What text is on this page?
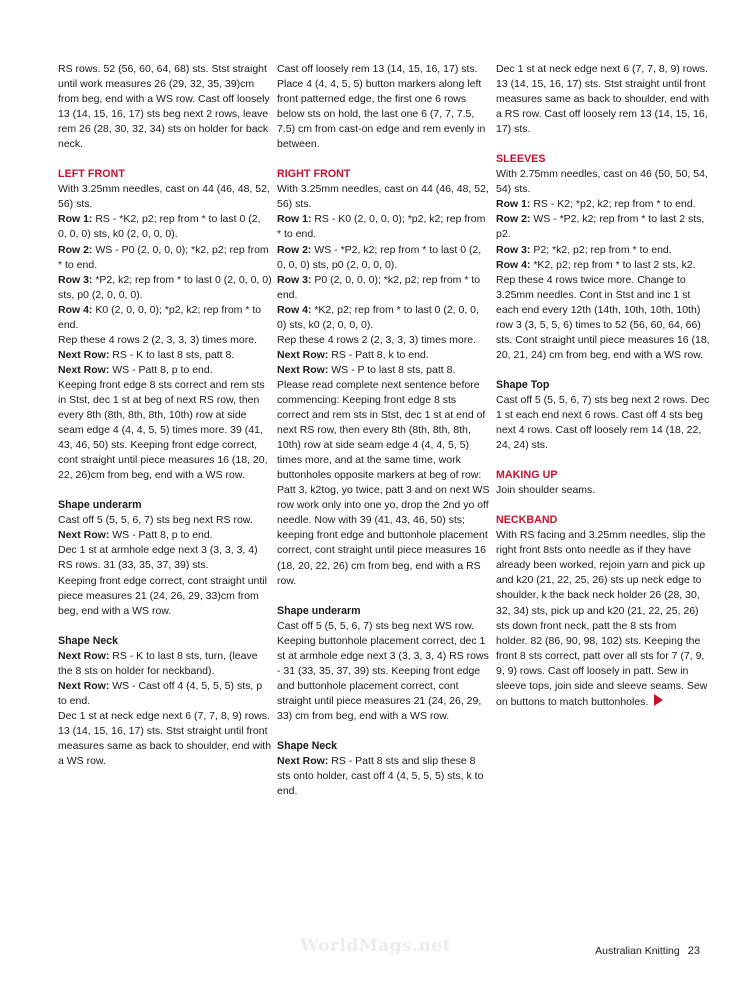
RS rows. 52 (56, 60, 64, 68) sts. Stst straight until work measures 26 (29, 32, 35, 39)cm from beg, end with a WS row. Cast off loosely 13 (14, 15, 16, 17) sts beg next 2 rows, leave rem 26 (28, 30, 32, 34) sts on holder for back neck.

LEFT FRONT
With 3.25mm needles, cast on 44 (46, 48, 52, 56) sts.
Row 1: RS - *K2, p2; rep from * to last 0 (2, 0, 0, 0) sts, k0 (2, 0, 0, 0).
Row 2: WS - P0 (2, 0, 0, 0); *k2, p2; rep from * to end.
Row 3: *P2, k2; rep from * to last 0 (2, 0, 0, 0) sts, p0 (2, 0, 0, 0).
Row 4: K0 (2, 0, 0, 0); *p2, k2; rep from * to end.
Rep these 4 rows 2 (2, 3, 3, 3) times more.
Next Row: RS - K to last 8 sts, patt 8.
Next Row: WS - Patt 8, p to end.
Keeping front edge 8 sts correct and rem sts in Stst, dec 1 st at beg of next RS row, then every 8th (8th, 8th, 8th, 10th) row at side seam edge 4 (4, 4, 5, 5) times more. 39 (41, 43, 46, 50) sts. Keeping front edge correct, cont straight until piece measures 16 (18, 20, 22, 26)cm from beg, end with a WS row.
Shape underarm
Cast off 5 (5, 5, 6, 7) sts beg next RS row.
Next Row: WS - Patt 8, p to end.
Dec 1 st at armhole edge next 3 (3, 3, 3, 4) RS rows. 31 (33, 35, 37, 39) sts.
Keeping front edge correct, cont straight until piece measures 21 (24, 26, 29, 33)cm from beg, end with a WS row.
Shape Neck
Next Row: RS - K to last 8 sts, turn, (leave the 8 sts on holder for neckband).
Next Row: WS - Cast off 4 (4, 5, 5, 5) sts, p to end.
Dec 1 st at neck edge next 6 (7, 7, 8, 9) rows. 13 (14, 15, 16, 17) sts. Stst straight until front measures same as back to shoulder, end with a WS row.
Cast off loosely rem 13 (14, 15, 16, 17) sts.

Place 4 (4, 4, 5, 5) button markers along left front patterned edge, the first one 6 rows below sts on hold, the last one 6 (7, 7, 7.5, 7.5) cm from cast-on edge and rem evenly in between.

RIGHT FRONT
With 3.25mm needles, cast on 44 (46, 48, 52, 56) sts.
Row 1: RS - K0 (2, 0, 0, 0); *p2, k2; rep from * to end.
Row 2: WS - *P2, k2; rep from * to last 0 (2, 0, 0, 0) sts, p0 (2, 0, 0, 0).
Row 3: P0 (2, 0, 0, 0); *k2, p2; rep from * to end.
Row 4: *K2, p2; rep from * to last 0 (2, 0, 0, 0) sts, k0 (2, 0, 0, 0).
Rep these 4 rows 2 (2, 3, 3, 3) times more.
Next Row: RS - Patt 8, k to end.
Next Row: WS - P to last 8 sts, patt 8.
Please read complete next sentence before commencing: Keeping front edge 8 sts correct and rem sts in Stst, dec 1 st at end of next RS row, then every 8th (8th, 8th, 8th, 10th) row at side seam edge 4 (4, 4, 5, 5) times more, and at the same time, work buttonholes opposite markers at beg of row: Patt 3, k2tog, yo twice, patt 3 and on next WS row work only into one yo, drop the 2nd yo off needle. Now with 39 (41, 43, 46, 50) sts; keeping front edge and buttonhole placement correct, cont straight until piece measures 16 (18, 20, 22, 26) cm from beg, end with a RS row.
Shape underarm
Cast off 5 (5, 5, 6, 7) sts beg next WS row.
Keeping buttonhole placement correct, dec 1 st at armhole edge next 3 (3, 3, 3, 4) RS rows - 31 (33, 35, 37, 39) sts. Keeping front edge and buttonhole placement correct, cont straight until piece measures 21 (24, 26, 29, 33) cm from beg, end with a WS row.
Shape Neck
Next Row: RS - Patt 8 sts and slip these 8 sts onto holder, cast off 4 (4, 5, 5, 5) sts, k to end.

Dec 1 st at neck edge next 6 (7, 7, 8, 9) rows. 13 (14, 15, 16, 17) sts. Stst straight until front measures same as back to shoulder, end with a RS row. Cast off loosely rem 13 (14, 15, 16, 17) sts.

SLEEVES
With 2.75mm needles, cast on 46 (50, 50, 54, 54) sts.
Row 1: RS - K2; *p2, k2; rep from * to end.
Row 2: WS - *P2, k2; rep from * to last 2 sts, p2.
Row 3: P2; *k2, p2; rep from * to end.
Row 4: *K2, p2; rep from * to last 2 sts, k2.
Rep these 4 rows twice more. Change to 3.25mm needles. Cont in Stst and inc 1 st each end every 12th (14th, 10th, 10th, 10th) row 3 (3, 5, 5, 6) times to 52 (56, 60, 64, 66) sts. Cont straight until piece measures 16 (18, 20, 21, 24) cm from beg, end with a WS row.
Shape Top
Cast off 5 (5, 5, 6, 7) sts beg next 2 rows. Dec 1 st each end next 6 rows. Cast off 4 sts beg next 4 rows. Cast off loosely rem 14 (18, 22, 24, 24) sts.
MAKING UP
Join shoulder seams.
NECKBAND
With RS facing and 3.25mm needles, slip the right front 8sts onto needle as if they have already been worked, rejoin yarn and pick up and k20 (21, 22, 25, 26) sts up neck edge to shoulder, k the back neck holder 26 (28, 30, 32, 34) sts, pick up and k20 (21, 22, 25, 26) sts down front neck, patt the 8 sts from holder. 82 (86, 90, 98, 102) sts. Keeping the front 8 sts correct, patt over all sts for 7 (7, 9, 9, 9) rows. Cast off loosely in patt. Sew in sleeve tops, join side and sleeve seams. Sew on buttons to match buttonholes.
WorldMags.net	Australian Knitting 23
